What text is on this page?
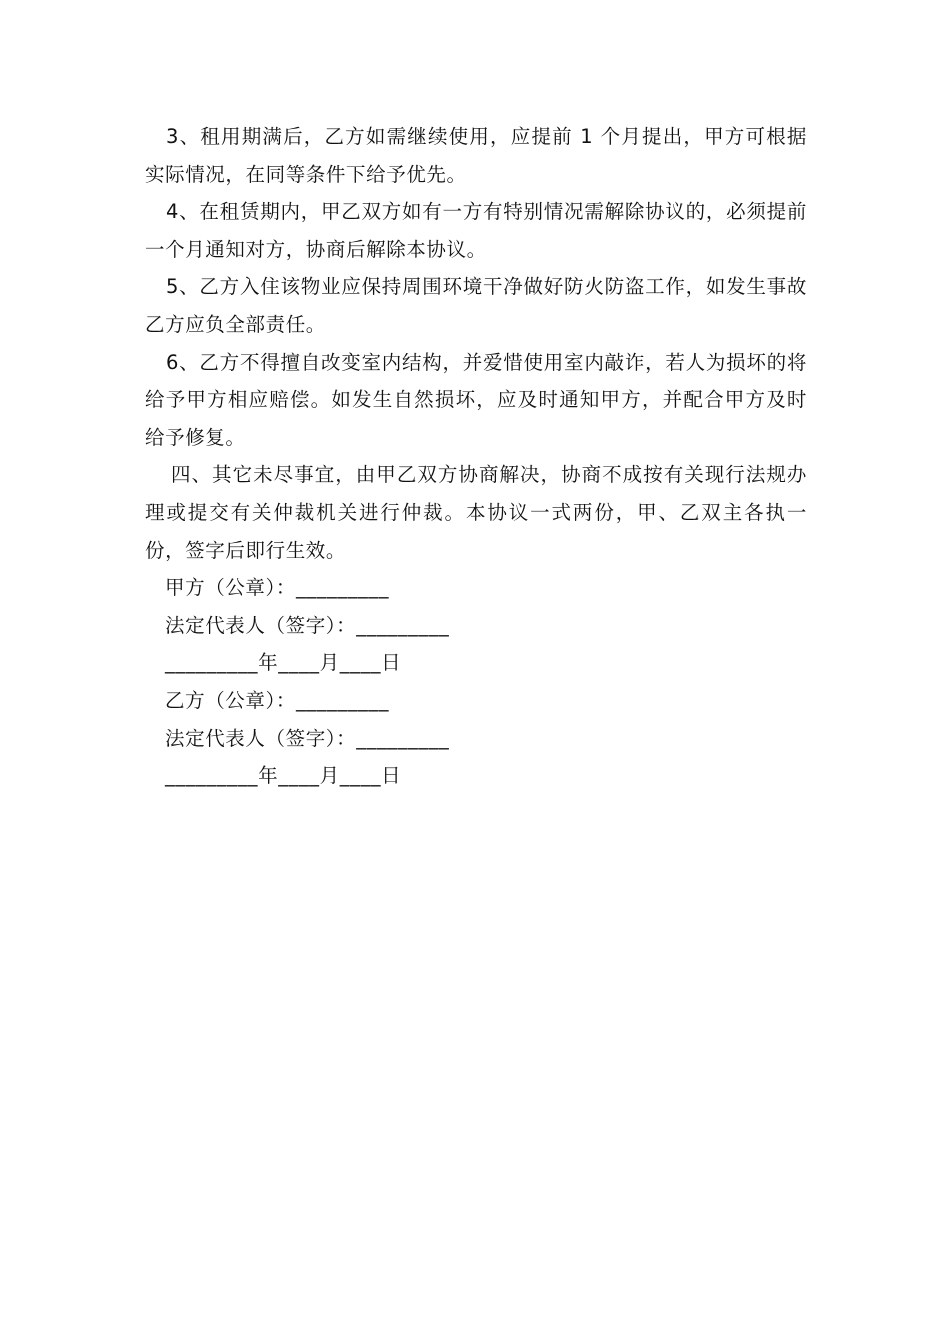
3、租用期满后，乙方如需继续使用，应提前 1 个月提出，甲方可根据实际情况，在同等条件下给予优先。

4、在租赁期内，甲乙双方如有一方有特别情况需解除协议的，必须提前一个月通知对方，协商后解除本协议。

5、乙方入住该物业应保持周围环境干净做好防火防盗工作，如发生事故乙方应负全部责任。

6、乙方不得擅自改变室内结构，并爱惜使用室内敲诈，若人为损坏的将给予甲方相应赔偿。如发生自然损坏，应及时通知甲方，并配合甲方及时给予修复。

四、其它未尽事宜，由甲乙双方协商解决，协商不成按有关现行法规办理或提交有关仲裁机关进行仲裁。本协议一式两份，甲、乙双主各执一份，签字后即行生效。

甲方（公章）：_________

法定代表人（签字）：_________

_________年____月____日

乙方（公章）：_________

法定代表人（签字）：_________

_________年____月____日
